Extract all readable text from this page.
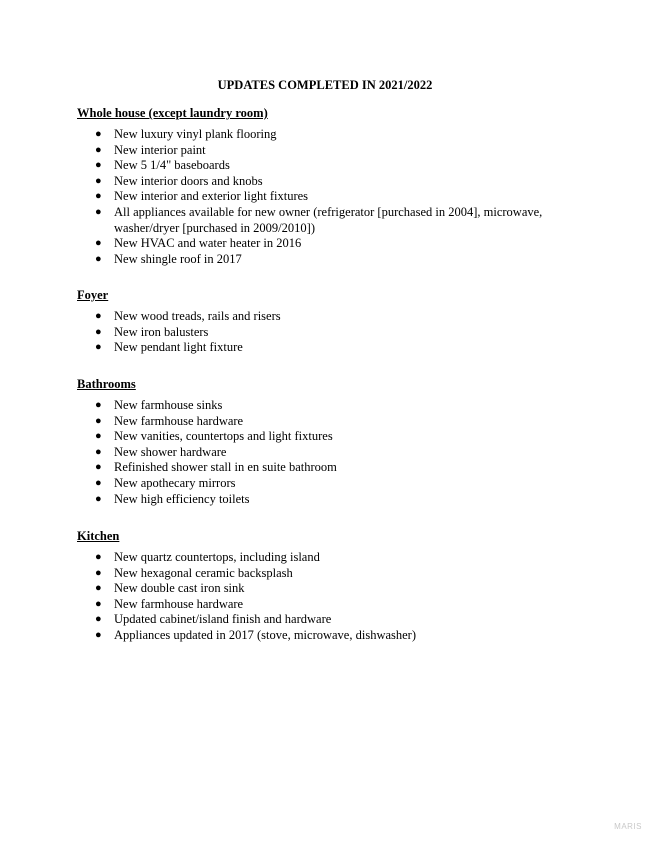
UPDATES COMPLETED IN 2021/2022
Whole house (except laundry room)
● New luxury vinyl plank flooring
● New interior paint
● New 5 1/4" baseboards
● New interior doors and knobs
● New interior and exterior light fixtures
● All appliances available for new owner (refrigerator [purchased in 2004], microwave, washer/dryer [purchased in 2009/2010])
● New HVAC and water heater in 2016
● New shingle roof in 2017
Foyer
● New wood treads, rails and risers
● New iron balusters
● New pendant light fixture
Bathrooms
● New farmhouse sinks
● New farmhouse hardware
● New vanities, countertops and light fixtures
● New shower hardware
● Refinished shower stall in en suite bathroom
● New apothecary mirrors
● New high efficiency toilets
Kitchen
● New quartz countertops, including island
● New hexagonal ceramic backsplash
● New double cast iron sink
● New farmhouse hardware
● Updated cabinet/island finish and hardware
● Appliances updated in 2017 (stove, microwave, dishwasher)
MARIS
